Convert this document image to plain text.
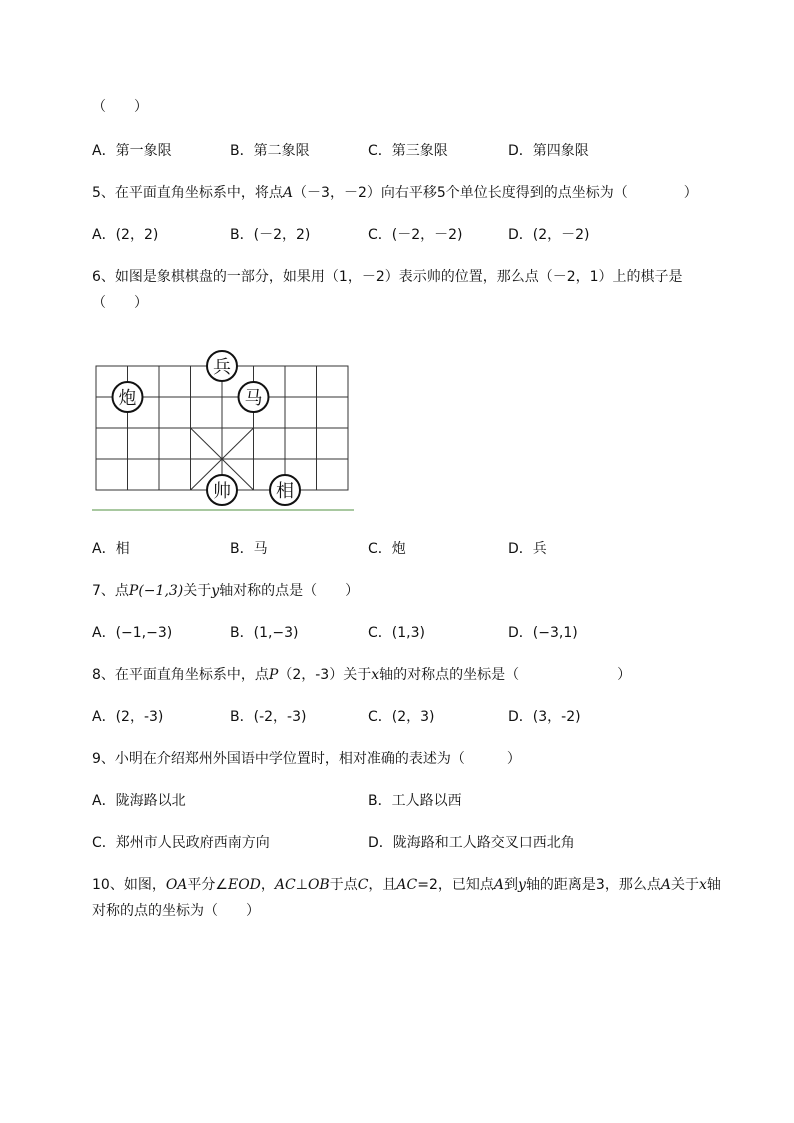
（　　）
A．第一象限	B．第二象限	C．第三象限	D．第四象限
5、在平面直角坐标系中，将点A（－3，－2）向右平移5个单位长度得到的点坐标为（　　　　）
A．(2，2)	B．(－2，2)	C．(－2，－2)	D．(2，－2)
6、如图是象棋棋盘的一部分，如果用（1，－2）表示帅的位置，那么点（－2，1）上的棋子是
（　　）
兵
炮	马
帅	相
A．相	B．马	C．炮	D．兵
7、点P(−1,3)关于y轴对称的点是（　　）
A．(−1,−3)	B．(1,−3)	C．(1,3)	D．(−3,1)
8、在平面直角坐标系中，点P（2，-3）关于x轴的对称点的坐标是（　　　　　　　）
A．(2，-3)	B．(-2，-3)	C．(2，3)	D．(3，-2)
9、小明在介绍郑州外国语中学位置时，相对准确的表述为（　　　）
A．陇海路以北	B．工人路以西
C．郑州市人民政府西南方向	D．陇海路和工人路交叉口西北角
10、如图，OA平分∠EOD，AC⊥OB于点C，且AC=2，已知点A到y轴的距离是3，那么点A关于x轴
对称的点的坐标为（　　）
